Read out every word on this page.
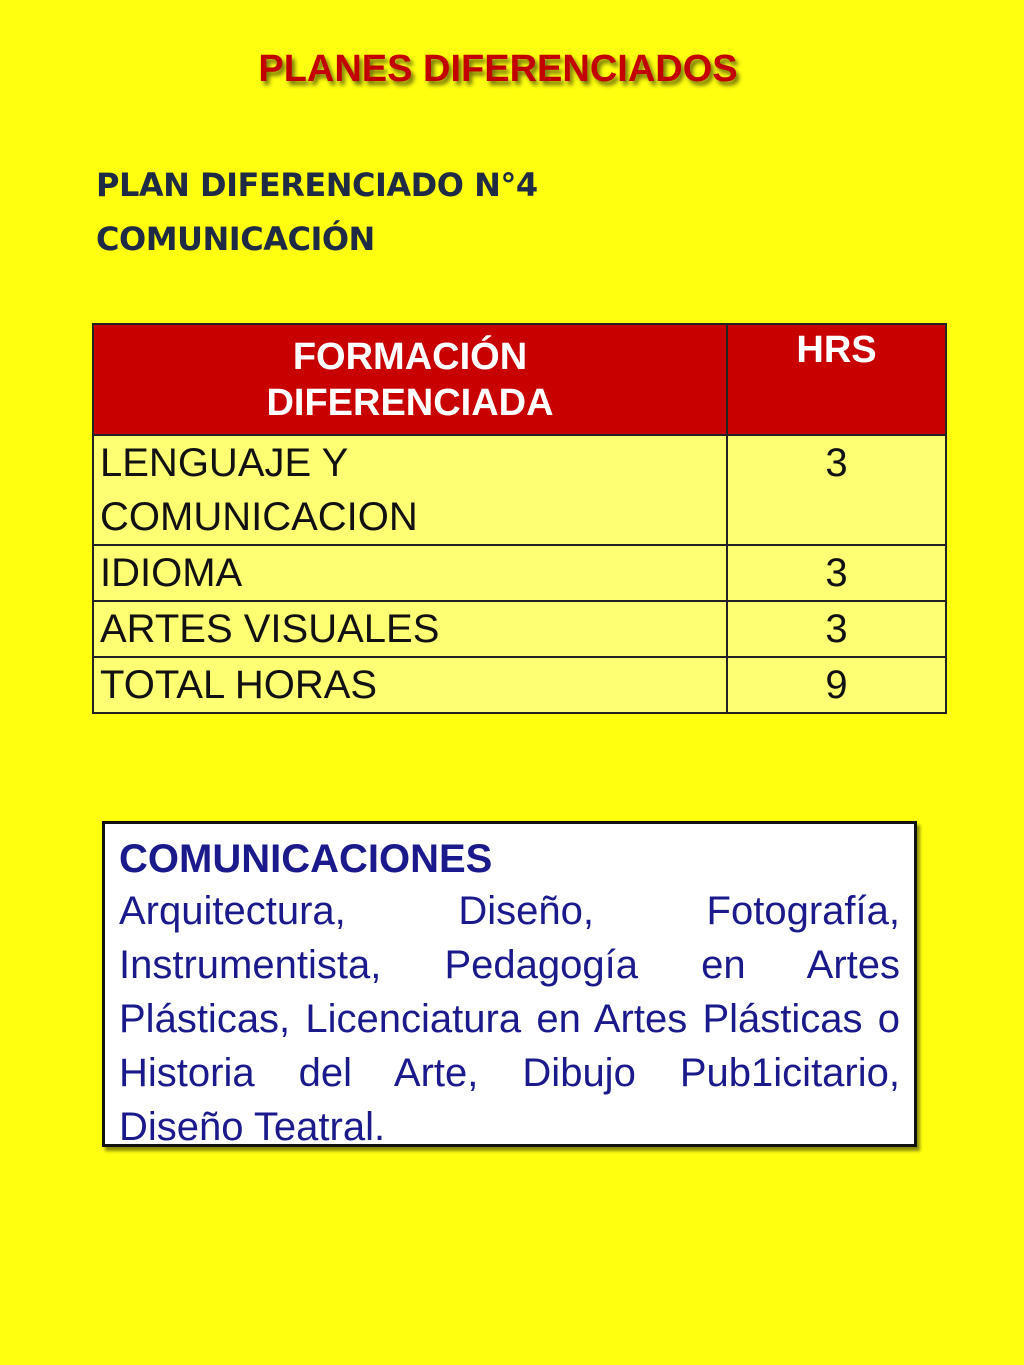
PLANES DIFERENCIADOS

PLAN DIFERENCIADO N°4

COMUNICACIÓN

FORMACIÓN
DIFERENCIADA	HRS
LENGUAJE Y
COMUNICACION	3
IDIOMA	3
ARTES VISUALES	3
TOTAL HORAS	9

COMUNICACIONES

Arquitectura, Diseño, Fotografía, Instrumentista, Pedagogía en Artes Plásticas, Licenciatura en Artes Plásticas o Historia del Arte, Dibujo Pub1icitario, Diseño Teatral.
